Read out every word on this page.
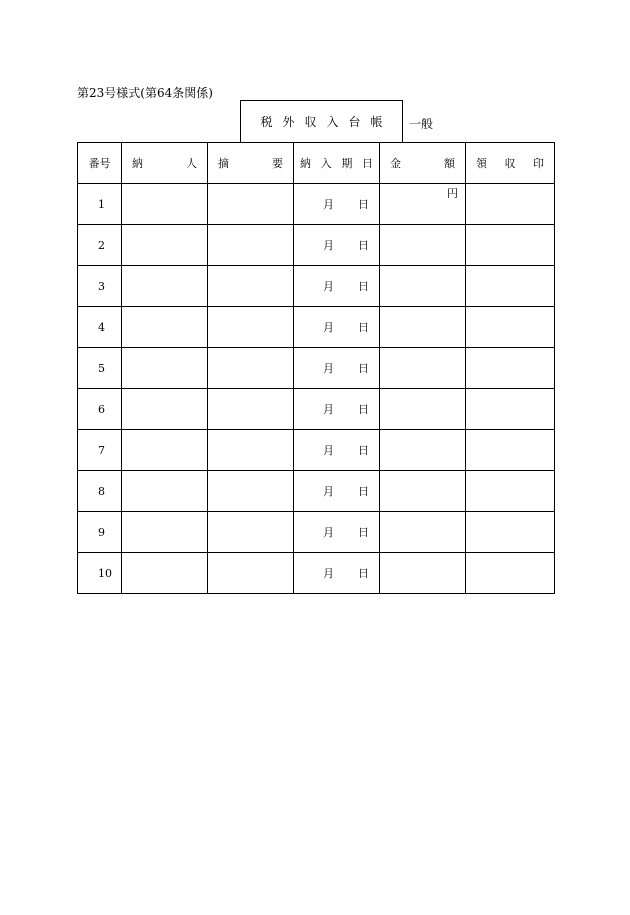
第23号様式(第64条関係)
税外収入台帳	一般
番号	納人	摘要	納入期日	金額	領収印
1			月 日	円	

2			月 日		

3			月 日		

4			月 日		

5			月 日		

6			月 日		

7			月 日		

8			月 日		

9			月 日		

10			月 日		
